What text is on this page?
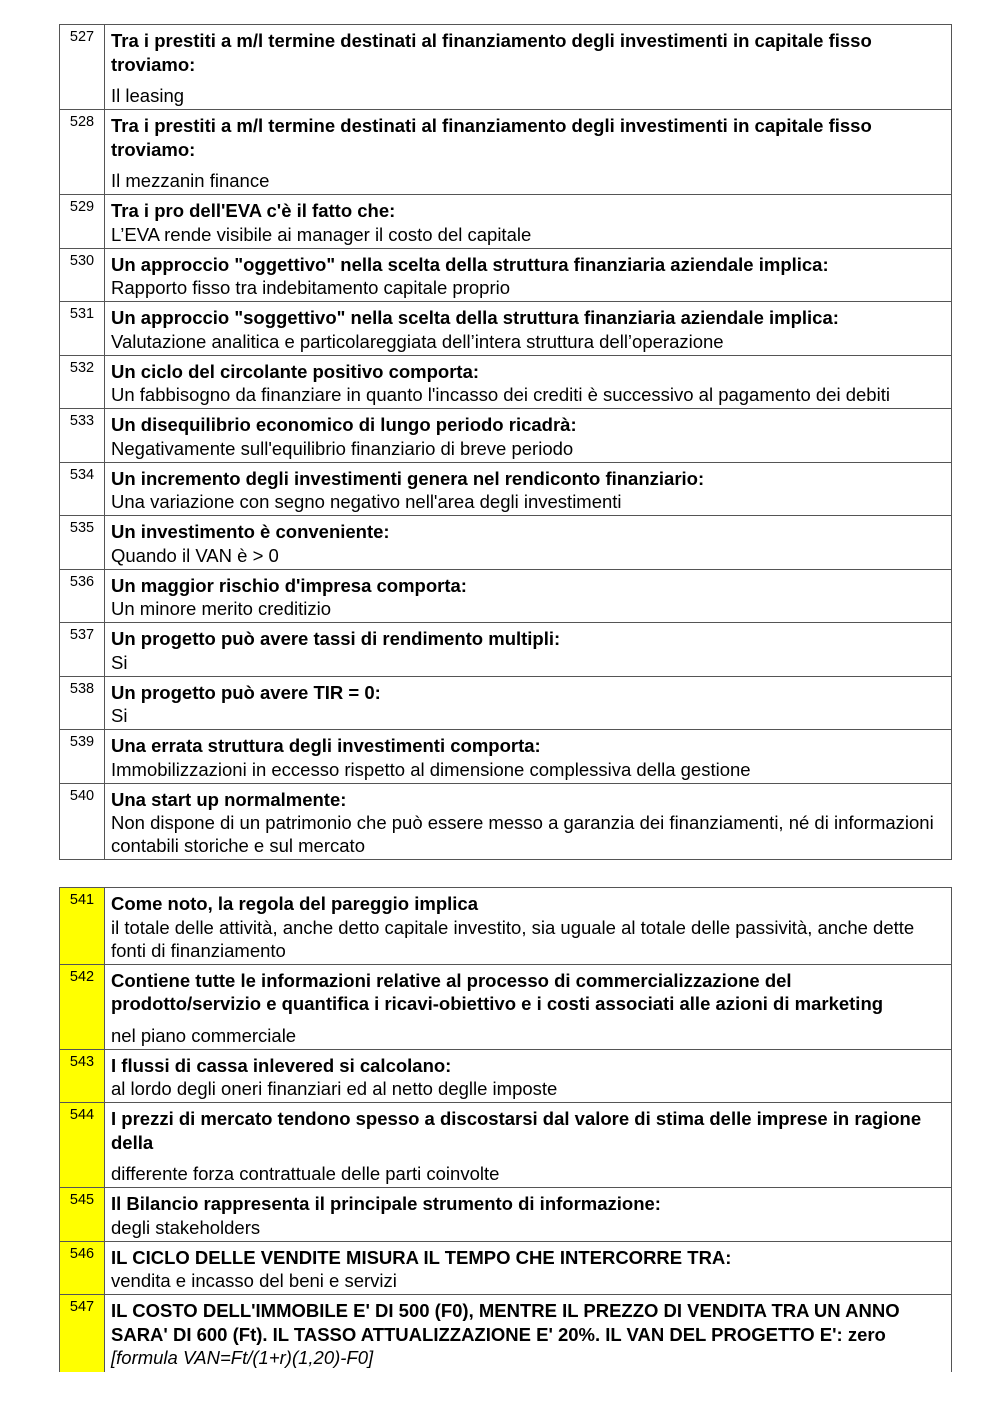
527	Tra i prestiti a m/l termine destinati al finanziamento degli investimenti in capitale fisso troviamo:
Il leasing

528	Tra i prestiti a m/l termine destinati al finanziamento degli investimenti in capitale fisso troviamo:
Il mezzanin finance

529	Tra i pro dell'EVA c'è il fatto che:
L’EVA rende visibile ai manager il costo del capitale

530	Un approccio "oggettivo" nella scelta della struttura finanziaria aziendale implica:
Rapporto fisso tra indebitamento capitale proprio

531	Un approccio "soggettivo" nella scelta della struttura finanziaria aziendale implica:
Valutazione analitica e particolareggiata dell’intera struttura dell’operazione

532	Un ciclo del circolante positivo comporta:
Un fabbisogno da finanziare in quanto l'incasso dei crediti è successivo al pagamento dei debiti

533	Un disequilibrio economico di lungo periodo ricadrà:
Negativamente sull'equilibrio finanziario di breve periodo

534	Un incremento degli investimenti genera nel rendiconto finanziario:
Una variazione con segno negativo nell'area degli investimenti

535	Un investimento è conveniente:
Quando il VAN è > 0

536	Un maggior rischio d'impresa comporta:
Un minore merito creditizio

537	Un progetto può avere tassi di rendimento multipli:
Si

538	Un progetto può avere TIR = 0:
Si

539	Una errata struttura degli investimenti comporta:
Immobilizzazioni in eccesso rispetto al dimensione complessiva della gestione

540	Una start up normalmente:
Non dispone di un patrimonio che può essere messo a garanzia dei finanziamenti, né di informazioni contabili storiche e sul mercato
541	Come noto, la regola del pareggio implica
il totale delle attività, anche detto capitale investito, sia uguale al totale delle passività, anche dette fonti di finanziamento

542	Contiene tutte le informazioni relative al processo di commercializzazione del prodotto/servizio e quantifica i ricavi-obiettivo e i costi associati alle azioni di marketing
nel piano commerciale

543	I flussi di cassa inlevered si calcolano:
al lordo degli oneri finanziari ed al netto deglle imposte

544	I prezzi di mercato tendono spesso a discostarsi dal valore di stima delle imprese in ragione della
differente forza contrattuale delle parti coinvolte

545	Il Bilancio rappresenta il principale strumento di informazione:
degli stakeholders

546	IL CICLO DELLE VENDITE MISURA IL TEMPO CHE INTERCORRE TRA:
vendita e incasso del beni e servizi

547	IL COSTO DELL'IMMOBILE E' DI 500 (F0), MENTRE IL PREZZO DI VENDITA TRA UN ANNO SARA' DI 600 (Ft). IL TASSO ATTUALIZZAZIONE E' 20%. IL VAN DEL PROGETTO E': zero [formula VAN=Ft/(1+r)(1,20)-F0]
